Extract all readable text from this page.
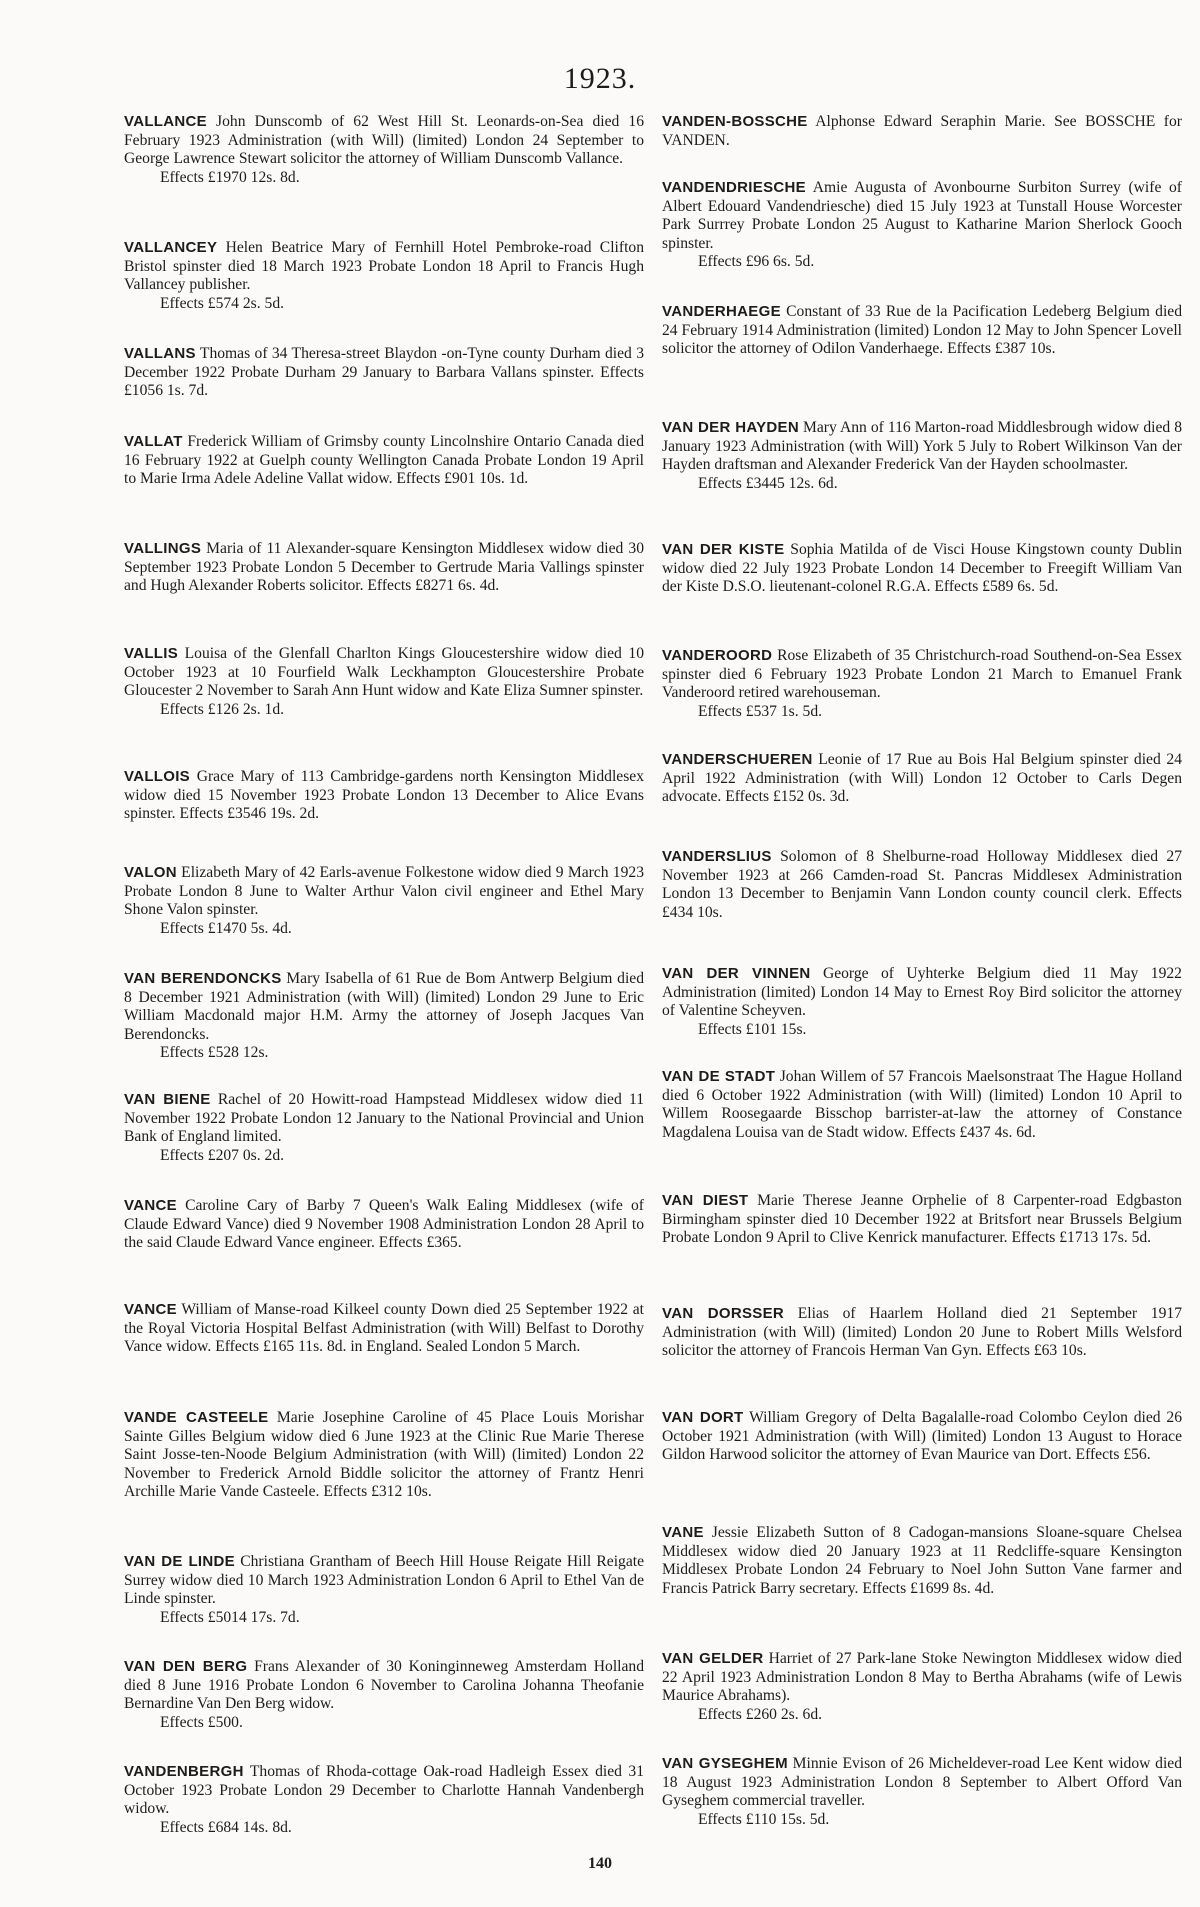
1923.
VALLANCE John Dunscomb of 62 West Hill St. Leonards-on-Sea died 16 February 1923 Administration (with Will) (limited) London 24 September to George Lawrence Stewart solicitor the attorney of William Dunscomb Vallance.
Effects £1970 12s. 8d.
VALLANCEY Helen Beatrice Mary of Fernhill Hotel Pembroke-road Clifton Bristol spinster died 18 March 1923 Probate London 18 April to Francis Hugh Vallancey publisher.
Effects £574 2s. 5d.
VALLANS Thomas of 34 Theresa-street Blaydon -on-Tyne county Durham died 3 December 1922 Probate Durham 29 January to Barbara Vallans spinster. Effects £1056 1s. 7d.
VALLAT Frederick William of Grimsby county Lincolnshire Ontario Canada died 16 February 1922 at Guelph county Wellington Canada Probate London 19 April to Marie Irma Adele Adeline Vallat widow. Effects £901 10s. 1d.
VALLINGS Maria of 11 Alexander-square Kensington Middlesex widow died 30 September 1923 Probate London 5 December to Gertrude Maria Vallings spinster and Hugh Alexander Roberts solicitor. Effects £8271 6s. 4d.
VALLIS Louisa of the Glenfall Charlton Kings Gloucestershire widow died 10 October 1923 at 10 Fourfield Walk Leckhampton Gloucestershire Probate Gloucester 2 November to Sarah Ann Hunt widow and Kate Eliza Sumner spinster.
Effects £126 2s. 1d.
VALLOIS Grace Mary of 113 Cambridge-gardens north Kensington Middlesex widow died 15 November 1923 Probate London 13 December to Alice Evans spinster. Effects £3546 19s. 2d.
VALON Elizabeth Mary of 42 Earls-avenue Folkestone widow died 9 March 1923 Probate London 8 June to Walter Arthur Valon civil engineer and Ethel Mary Shone Valon spinster.
Effects £1470 5s. 4d.
VAN BERENDONCKS Mary Isabella of 61 Rue de Bom Antwerp Belgium died 8 December 1921 Administration (with Will) (limited) London 29 June to Eric William Macdonald major H.M. Army the attorney of Joseph Jacques Van Berendoncks.
Effects £528 12s.
VAN BIENE Rachel of 20 Howitt-road Hampstead Middlesex widow died 11 November 1922 Probate London 12 January to the National Provincial and Union Bank of England limited.
Effects £207 0s. 2d.
VANCE Caroline Cary of Barby 7 Queen's Walk Ealing Middlesex (wife of Claude Edward Vance) died 9 November 1908 Administration London 28 April to the said Claude Edward Vance engineer. Effects £365.
VANCE William of Manse-road Kilkeel county Down died 25 September 1922 at the Royal Victoria Hospital Belfast Administration (with Will) Belfast to Dorothy Vance widow. Effects £165 11s. 8d. in England. Sealed London 5 March.
VANDE CASTEELE Marie Josephine Caroline of 45 Place Louis Morishar Sainte Gilles Belgium widow died 6 June 1923 at the Clinic Rue Marie Therese Saint Josse-ten-Noode Belgium Administration (with Will) (limited) London 22 November to Frederick Arnold Biddle solicitor the attorney of Frantz Henri Archille Marie Vande Casteele. Effects £312 10s.
VAN DE LINDE Christiana Grantham of Beech Hill House Reigate Hill Reigate Surrey widow died 10 March 1923 Administration London 6 April to Ethel Van de Linde spinster.
Effects £5014 17s. 7d.
VAN DEN BERG Frans Alexander of 30 Koninginneweg Amsterdam Holland died 8 June 1916 Probate London 6 November to Carolina Johanna Theofanie Bernardine Van Den Berg widow.
Effects £500.
VANDENBERGH Thomas of Rhoda-cottage Oak-road Hadleigh Essex died 31 October 1923 Probate London 29 December to Charlotte Hannah Vandenbergh widow.
Effects £684 14s. 8d.
VANDEN-BOSSCHE Alphonse Edward Seraphin Marie. See BOSSCHE for VANDEN.
VANDENDRIESCHE Amie Augusta of Avonbourne Surbiton Surrey (wife of Albert Edouard Vandendriesche) died 15 July 1923 at Tunstall House Worcester Park Surrrey Probate London 25 August to Katharine Marion Sherlock Gooch spinster.
Effects £96 6s. 5d.
VANDERHAEGE Constant of 33 Rue de la Pacification Ledeberg Belgium died 24 February 1914 Administration (limited) London 12 May to John Spencer Lovell solicitor the attorney of Odilon Vanderhaege. Effects £387 10s.
VAN DER HAYDEN Mary Ann of 116 Marton-road Middlesbrough widow died 8 January 1923 Administration (with Will) York 5 July to Robert Wilkinson Van der Hayden draftsman and Alexander Frederick Van der Hayden schoolmaster.
Effects £3445 12s. 6d.
VAN DER KISTE Sophia Matilda of de Visci House Kingstown county Dublin widow died 22 July 1923 Probate London 14 December to Freegift William Van der Kiste D.S.O. lieutenant-colonel R.G.A. Effects £589 6s. 5d.
VANDEROORD Rose Elizabeth of 35 Christchurch-road Southend-on-Sea Essex spinster died 6 February 1923 Probate London 21 March to Emanuel Frank Vanderoord retired warehouseman.
Effects £537 1s. 5d.
VANDERSCHUEREN Leonie of 17 Rue au Bois Hal Belgium spinster died 24 April 1922 Administration (with Will) London 12 October to Carls Degen advocate. Effects £152 0s. 3d.
VANDERSLIUS Solomon of 8 Shelburne-road Holloway Middlesex died 27 November 1923 at 266 Camden-road St. Pancras Middlesex Administration London 13 December to Benjamin Vann London county council clerk. Effects £434 10s.
VAN DER VINNEN George of Uyhterke Belgium died 11 May 1922 Administration (limited) London 14 May to Ernest Roy Bird solicitor the attorney of Valentine Scheyven.
Effects £101 15s.
VAN DE STADT Johan Willem of 57 Francois Maelsonstraat The Hague Holland died 6 October 1922 Administration (with Will) (limited) London 10 April to Willem Roosegaarde Bisschop barrister-at-law the attorney of Constance Magdalena Louisa van de Stadt widow. Effects £437 4s. 6d.
VAN DIEST Marie Therese Jeanne Orphelie of 8 Carpenter-road Edgbaston Birmingham spinster died 10 December 1922 at Britsfort near Brussels Belgium Probate London 9 April to Clive Kenrick manufacturer. Effects £1713 17s. 5d.
VAN DORSSER Elias of Haarlem Holland died 21 September 1917 Administration (with Will) (limited) London 20 June to Robert Mills Welsford solicitor the attorney of Francois Herman Van Gyn. Effects £63 10s.
VAN DORT William Gregory of Delta Bagalalle-road Colombo Ceylon died 26 October 1921 Administration (with Will) (limited) London 13 August to Horace Gildon Harwood solicitor the attorney of Evan Maurice van Dort. Effects £56.
VANE Jessie Elizabeth Sutton of 8 Cadogan-mansions Sloane-square Chelsea Middlesex widow died 20 January 1923 at 11 Redcliffe-square Kensington Middlesex Probate London 24 February to Noel John Sutton Vane farmer and Francis Patrick Barry secretary. Effects £1699 8s. 4d.
VAN GELDER Harriet of 27 Park-lane Stoke Newington Middlesex widow died 22 April 1923 Administration London 8 May to Bertha Abrahams (wife of Lewis Maurice Abrahams).
Effects £260 2s. 6d.
VAN GYSEGHEM Minnie Evison of 26 Micheldever-road Lee Kent widow died 18 August 1923 Administration London 8 September to Albert Offord Van Gyseghem commercial traveller.
Effects £110 15s. 5d.
140
